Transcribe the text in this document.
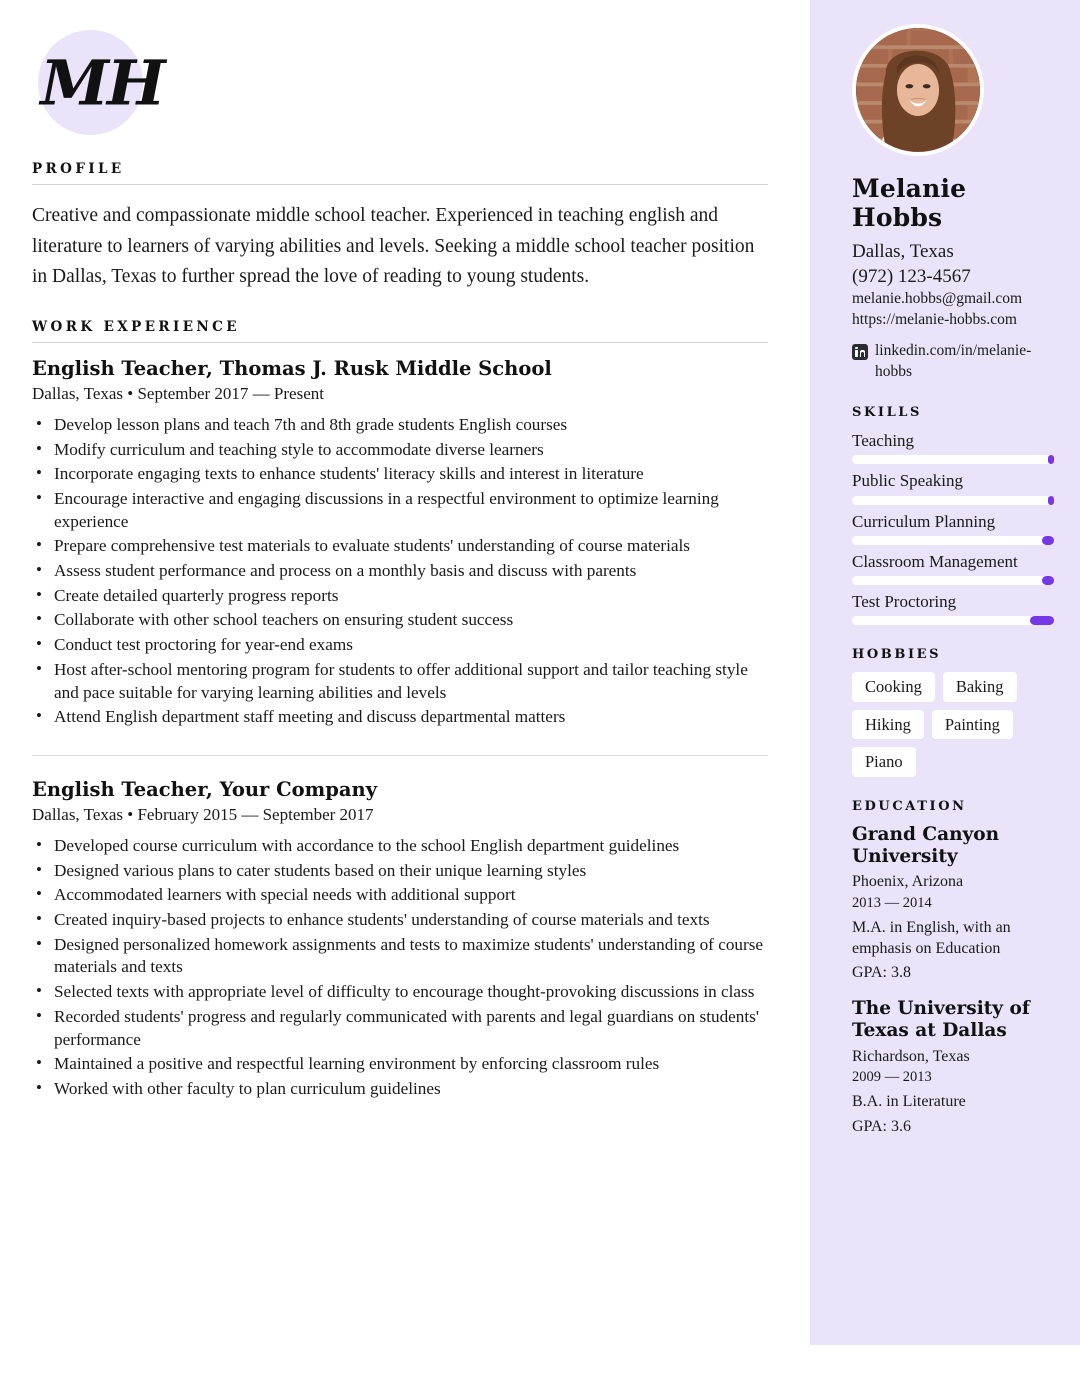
MH
PROFILE

Creative and compassionate middle school teacher. Experienced in teaching english and literature to learners of varying abilities and levels. Seeking a middle school teacher position in Dallas, Texas to further spread the love of reading to young students.

WORK EXPERIENCE
English Teacher, Thomas J. Rusk Middle School
Dallas, Texas • September 2017 — Present
• Develop lesson plans and teach 7th and 8th grade students English courses
• Modify curriculum and teaching style to accommodate diverse learners
• Incorporate engaging texts to enhance students' literacy skills and interest in literature
• Encourage interactive and engaging discussions in a respectful environment to optimize learning experience
• Prepare comprehensive test materials to evaluate students' understanding of course materials
• Assess student performance and process on a monthly basis and discuss with parents
• Create detailed quarterly progress reports
• Collaborate with other school teachers on ensuring student success
• Conduct test proctoring for year-end exams
• Host after-school mentoring program for students to offer additional support and tailor teaching style and pace suitable for varying learning abilities and levels
• Attend English department staff meeting and discuss departmental matters
English Teacher, Your Company
Dallas, Texas • February 2015 — September 2017
• Developed course curriculum with accordance to the school English department guidelines
• Designed various plans to cater students based on their unique learning styles
• Accommodated learners with special needs with additional support
• Created inquiry-based projects to enhance students' understanding of course materials and texts
• Designed personalized homework assignments and tests to maximize students' understanding of course materials and texts
• Selected texts with appropriate level of difficulty to encourage thought-provoking discussions in class
• Recorded students' progress and regularly communicated with parents and legal guardians on students' performance
• Maintained a positive and respectful learning environment by enforcing classroom rules
• Worked with other faculty to plan curriculum guidelines
Melanie Hobbs
Dallas, Texas
(972) 123-4567
melanie.hobbs@gmail.com
https://melanie-hobbs.com
linkedin.com/in/melanie-hobbs
SKILLS
Teaching
Public Speaking
Curriculum Planning
Classroom Management
Test Proctoring
HOBBIES
Cooking	Baking
Hiking	Painting
Piano
EDUCATION
Grand Canyon University
Phoenix, Arizona
2013 — 2014
M.A. in English, with an emphasis on Education
GPA: 3.8
The University of Texas at Dallas
Richardson, Texas
2009 — 2013
B.A. in Literature
GPA: 3.6
